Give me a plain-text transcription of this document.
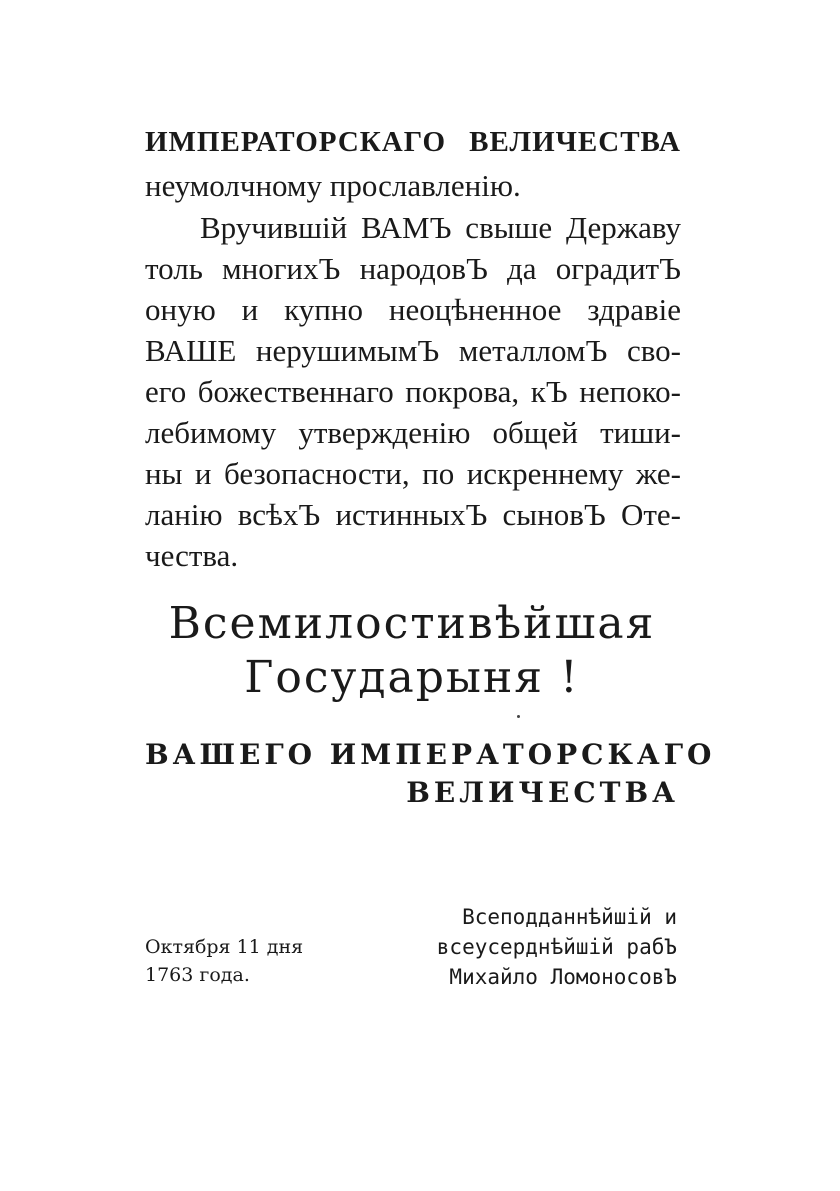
ИМПЕРАТОРСКАГО ВЕЛИЧЕСТВА
неумолчному прославленію.
Вручившій ВАМЪ свыше Державу
толь многихЪ народовЪ да оградитЪ
оную и купно неоцѣненное здравіе
ВАШЕ нерушимымЪ металломЪ сво-
его божественнаго покрова, кЪ непоко-
лебимому утвержденію общей тиши-
ны и безопасности, по искреннему же-
ланію всѣхЪ истинныхЪ сыновЪ Оте-
чества.
Всемилостивѣйшая
Государыня !
ВАШЕГО ИМПЕРАТОРСКАГО
ВЕЛИЧЕСТВА
Всеподданнѣйшій и
всеусерднѣйшій рабЪ
Михайло ЛомоносовЪ
Октября 11 дня
1763 года.
